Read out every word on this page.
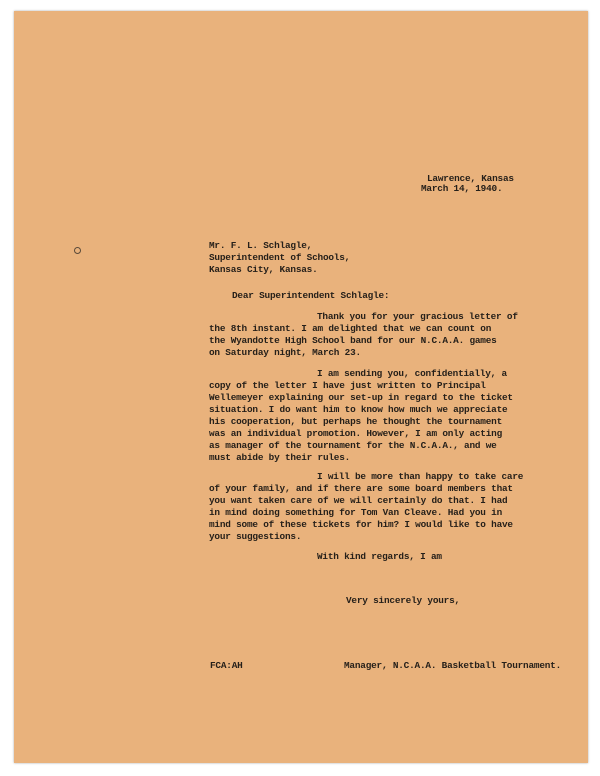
Lawrence, Kansas
March 14, 1940.
Mr. F. L. Schlagle,
Superintendent of Schools,
Kansas City, Kansas.
Dear Superintendent Schlagle:
Thank you for your gracious letter of
the 8th instant. I am delighted that we can count on
the Wyandotte High School band for our N.C.A.A. games
on Saturday night, March 23.
I am sending you, confidentially, a
copy of the letter I have just written to Principal
Wellemeyer explaining our set-up in regard to the ticket
situation. I do want him to know how much we appreciate
his cooperation, but perhaps he thought the tournament
was an individual promotion. However, I am only acting
as manager of the tournament for the N.C.A.A., and we
must abide by their rules.
I will be more than happy to take care
of your family, and if there are some board members that
you want taken care of we will certainly do that. I had
in mind doing something for Tom Van Cleave. Had you in
mind some of these tickets for him? I would like to have
your suggestions.
With kind regards, I am
Very sincerely yours,
FCA:AH	Manager, N.C.A.A. Basketball Tournament.
